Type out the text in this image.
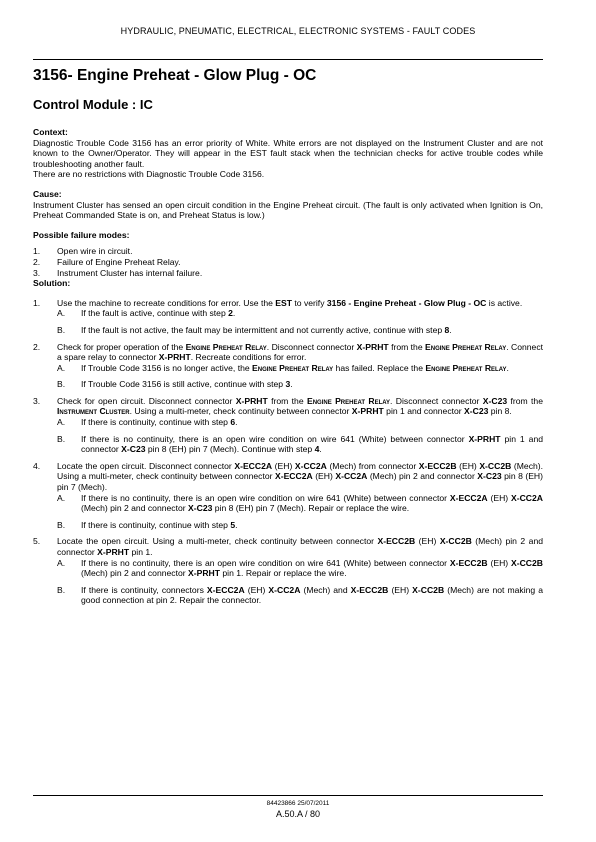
HYDRAULIC, PNEUMATIC, ELECTRICAL, ELECTRONIC SYSTEMS - FAULT CODES
3156- Engine Preheat - Glow Plug - OC
Control Module : IC

Context:

Diagnostic Trouble Code 3156 has an error priority of White. White errors are not displayed on the Instrument Cluster and are not known to the Owner/Operator. They will appear in the EST fault stack when the technician checks for active trouble codes while troubleshooting another fault.

There are no restrictions with Diagnostic Trouble Code 3156.

Cause:

Instrument Cluster has sensed an open circuit condition in the Engine Preheat circuit. (The fault is only activated when Ignition is On, Preheat Commanded State is on, and Preheat Status is low.)

Possible failure modes:

1.	Open wire in circuit.
2.	Failure of Engine Preheat Relay.
3.	Instrument Cluster has internal failure.

Solution:

1.	Use the machine to recreate conditions for error. Use the EST to verify 3156 - Engine Preheat - Glow Plug - OC is active.
A.	If the fault is active, continue with step 2.
B.	If the fault is not active, the fault may be intermittent and not currently active, continue with step 8.
2.	Check for proper operation of the Engine Preheat Relay. Disconnect connector X-PRHT from the Engine Preheat Relay. Connect a spare relay to connector X-PRHT. Recreate conditions for error.
A.	If Trouble Code 3156 is no longer active, the Engine Preheat Relay has failed. Replace the Engine Preheat Relay.
B.	If Trouble Code 3156 is still active, continue with step 3.
3.	Check for open circuit. Disconnect connector X-PRHT from the Engine Preheat Relay. Disconnect connector X-C23 from the Instrument Cluster. Using a multi-meter, check continuity between connector X-PRHT pin 1 and connector X-C23 pin 8.
A.	If there is continuity, continue with step 6.
B.	If there is no continuity, there is an open wire condition on wire 641 (White) between connector X-PRHT pin 1 and connector X-C23 pin 8 (EH) pin 7 (Mech). Continue with step 4.
4.	Locate the open circuit. Disconnect connector X-ECC2A (EH) X-CC2A (Mech) from connector X-ECC2B (EH) X-CC2B (Mech). Using a multi-meter, check continuity between connector X-ECC2A (EH) X-CC2A (Mech) pin 2 and connector X-C23 pin 8 (EH) pin 7 (Mech).
A.	If there is no continuity, there is an open wire condition on wire 641 (White) between connector X-ECC2A (EH) X-CC2A (Mech) pin 2 and connector X-C23 pin 8 (EH) pin 7 (Mech). Repair or replace the wire.
B.	If there is continuity, continue with step 5.
5.	Locate the open circuit. Using a multi-meter, check continuity between connector X-ECC2B (EH) X-CC2B (Mech) pin 2 and connector X-PRHT pin 1.
A.	If there is no continuity, there is an open wire condition on wire 641 (White) between connector X-ECC2B (EH) X-CC2B (Mech) pin 2 and connector X-PRHT pin 1. Repair or replace the wire.
B.	If there is continuity, connectors X-ECC2A (EH) X-CC2A (Mech) and X-ECC2B (EH) X-CC2B (Mech) are not making a good connection at pin 2. Repair the connector.
84423866 25/07/2011
A.50.A / 80
